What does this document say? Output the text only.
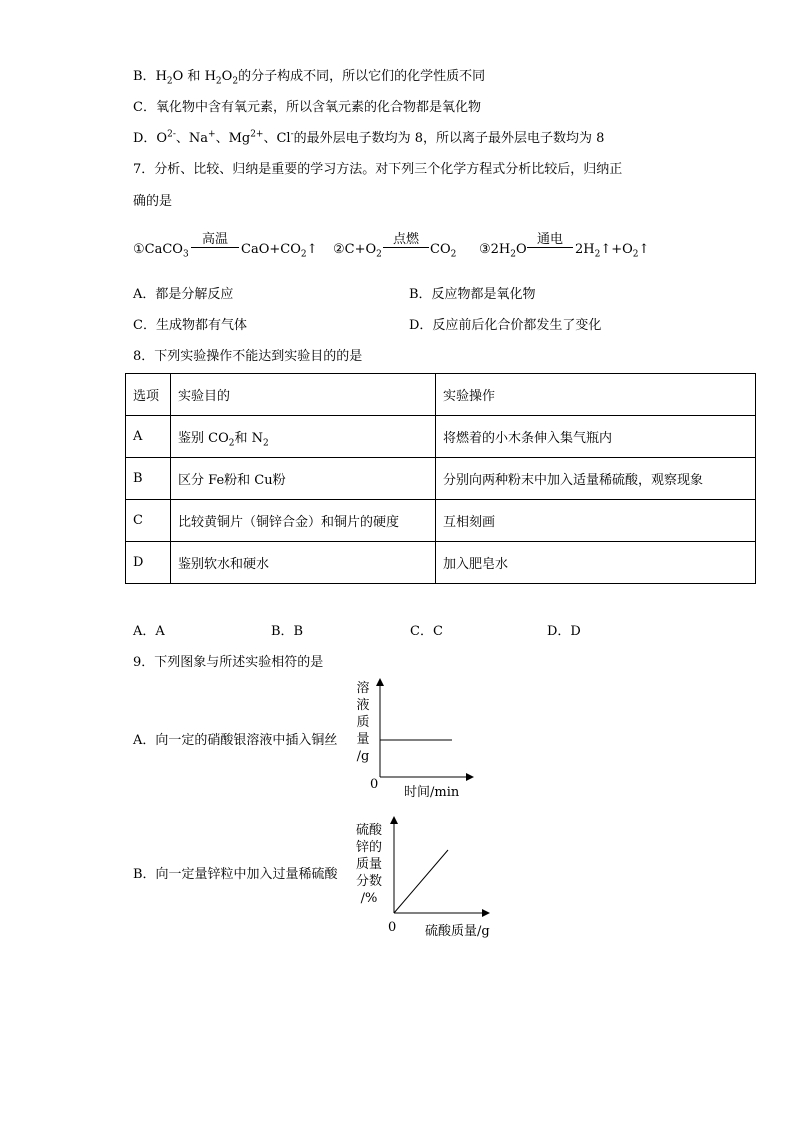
B．$H_2O$ 和 $H_2O_2$的分子构成不同，所以它们的化学性质不同
C．氧化物中含有氧元素，所以含氧元素的化合物都是氧化物
D．$O^{2-}$、Na+、$Mg^{2+}$、Cl-的最外层电子数均为 8，所以离子最外层电子数均为 8
7．分析、比较、归纳是重要的学习方法。对下列三个化学方程式分析比较后，归纳正
确的是
①CaCO$_3$
高温
$CaO+CO_2↑$ $②C+O_2$
点燃
$CO_2$ $③2H_2O$
通电
$2H_2↑+O_2↑$
A．都是分解反应	B．反应物都是氧化物
C．生成物都有气体	D．反应前后化合价都发生了变化
8．下列实验操作不能达到实验目的的是
选项	实验目的	实验操作
A	鉴别 $CO_2$和 $N_2$	将燃着的小木条伸入集气瓶内
B	区分 Fe粉和 Cu粉	分别向两种粉末中加入适量稀硫酸，观察现象
C	比较黄铜片（铜锌合金）和铜片的硬度	互相刻画
D	鉴别软水和硬水	加入肥皂水
A．A	B．B	C．C	D．D
9．下列图象与所述实验相符的是
A．向一定的硝酸银溶液中插入铜丝
溶
液
质
量
/g
0
时间/min
B．向一定量锌粒中加入过量稀硫酸
硫酸
锌的
质量
分数
/%
0 硫酸质量/g
